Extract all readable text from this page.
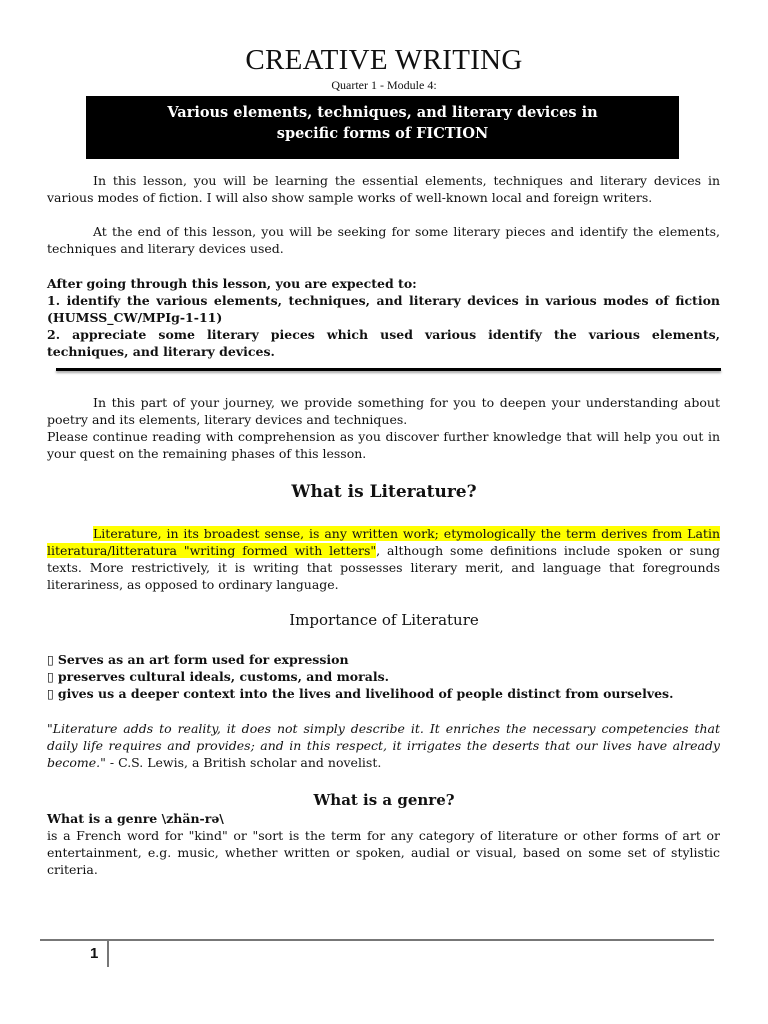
CREATIVE WRITING
Quarter 1 - Module 4:
Various elements, techniques, and literary devices in
specific forms of FICTION
In this lesson, you will be learning the essential elements, techniques and literary devices in various modes of fiction. I will also show sample works of well-known local and foreign writers.
At the end of this lesson, you will be seeking for some literary pieces and identify the elements, techniques and literary devices used.
After going through this lesson, you are expected to:
1. identify the various elements, techniques, and literary devices in various modes of fiction (HUMSS_CW/MPIg-1-11)
2. appreciate some literary pieces which used various identify the various elements, techniques, and literary devices.
In this part of your journey, we provide something for you to deepen your understanding about poetry and its elements, literary devices and techniques.
Please continue reading with comprehension as you discover further knowledge that will help you out in your quest on the remaining phases of this lesson.
What is Literature?
Literature, in its broadest sense, is any written work; etymologically the term derives from Latin literatura/litteratura "writing formed with letters", although some definitions include spoken or sung texts. More restrictively, it is writing that possesses literary merit, and language that foregrounds literariness, as opposed to ordinary language.
Importance of Literature
▯ Serves as an art form used for expression
▯ preserves cultural ideals, customs, and morals.
▯ gives us a deeper context into the lives and livelihood of people distinct from ourselves.
"Literature adds to reality, it does not simply describe it. It enriches the necessary competencies that daily life requires and provides; and in this respect, it irrigates the deserts that our lives have already become." - C.S. Lewis, a British scholar and novelist.
What is a genre?
What is a genre \zhän-rə\
is a French word for "kind" or "sort is the term for any category of literature or other forms of art or entertainment, e.g. music, whether written or spoken, audial or visual, based on some set of stylistic criteria.
1
